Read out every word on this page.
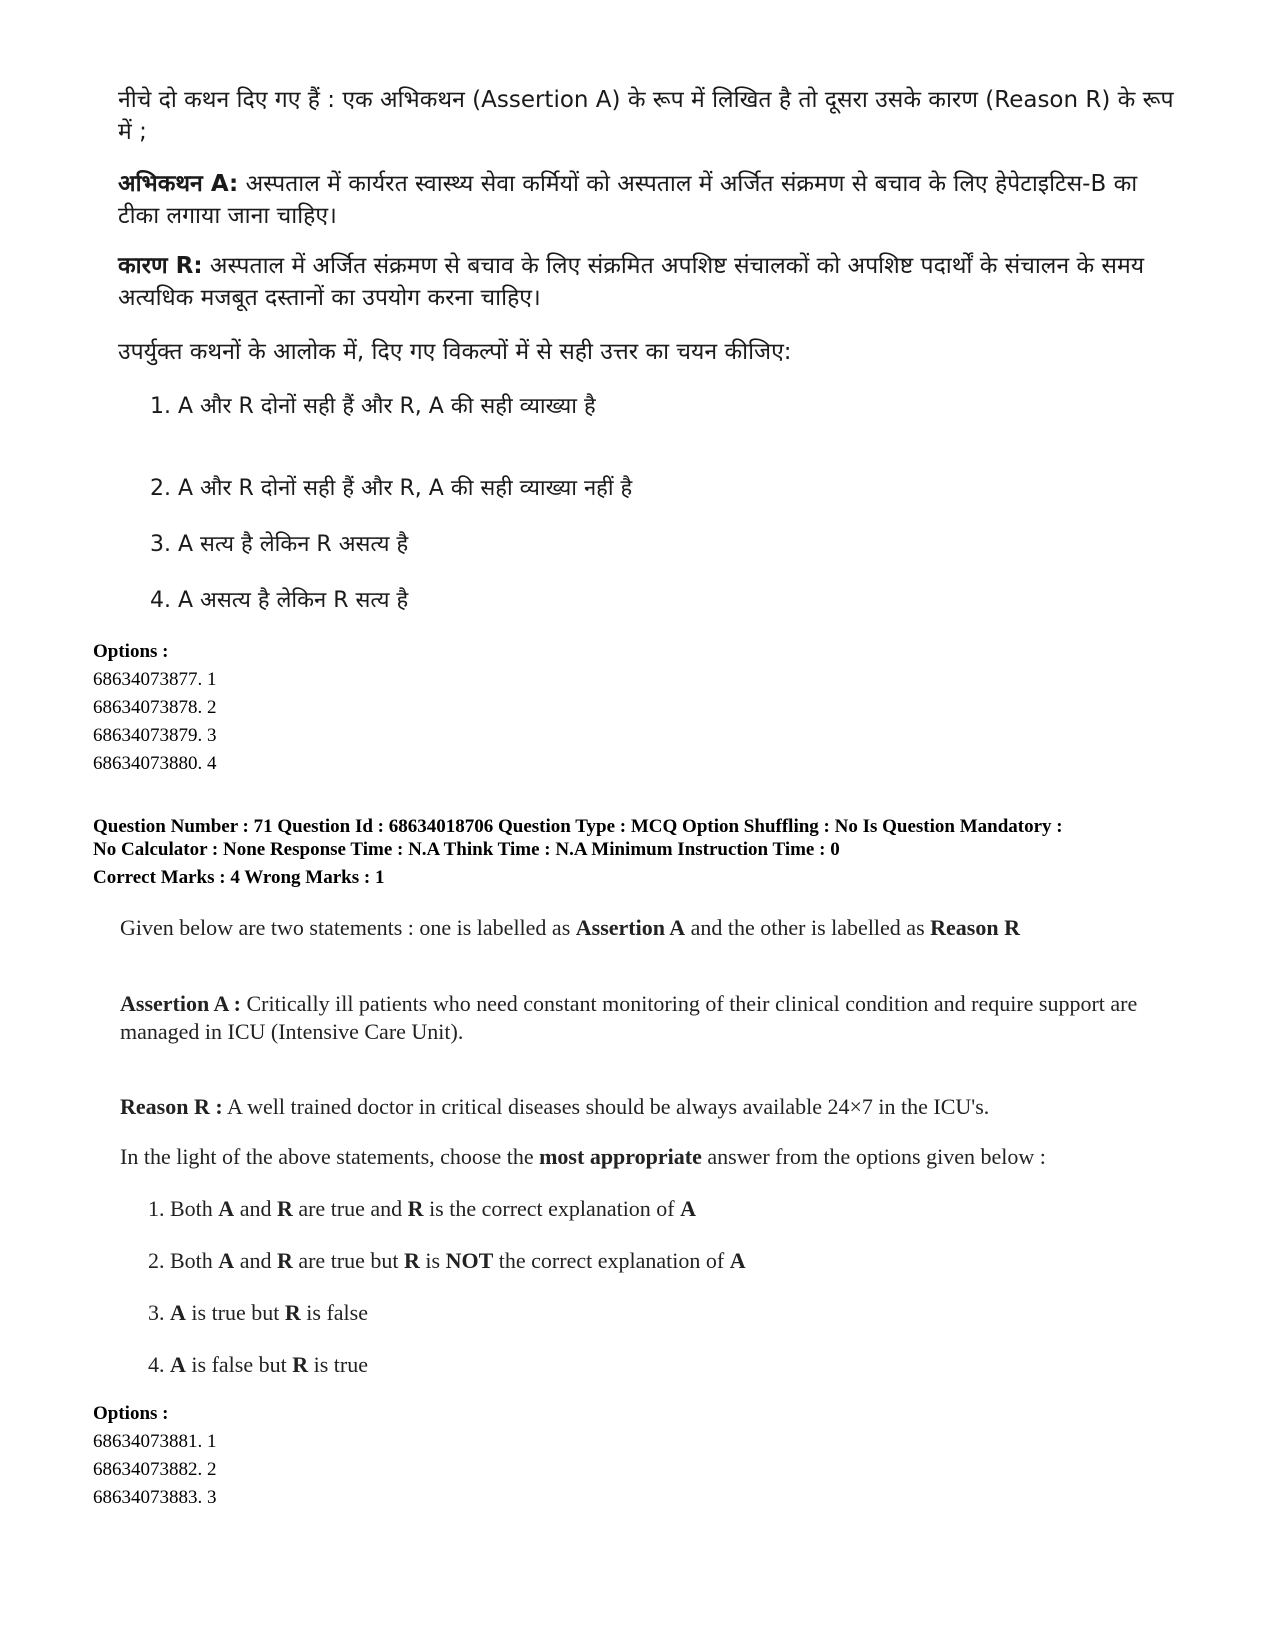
नीचे दो कथन दिए गए हैं : एक अभिकथन (Assertion A) के रूप में लिखित है तो दूसरा उसके कारण (Reason R) के रूप में ;
अभिकथन A: अस्पताल में कार्यरत स्वास्थ्य सेवा कर्मियों को अस्पताल में अर्जित संक्रमण से बचाव के लिए हेपेटाइटिस-B का टीका लगाया जाना चाहिए।
कारण R: अस्पताल में अर्जित संक्रमण से बचाव के लिए संक्रमित अपशिष्ट संचालकों को अपशिष्ट पदार्थों के संचालन के समय अत्यधिक मजबूत दस्तानों का उपयोग करना चाहिए।
उपर्युक्त कथनों के आलोक में, दिए गए विकल्पों में से सही उत्तर का चयन कीजिए:
1. A और R दोनों सही हैं और R, A की सही व्याख्या है
2. A और R दोनों सही हैं और R, A की सही व्याख्या नहीं है
3. A सत्य है लेकिन R असत्य है
4. A असत्य है लेकिन R सत्य है
Options :
68634073877. 1
68634073878. 2
68634073879. 3
68634073880. 4
Question Number : 71 Question Id : 68634018706 Question Type : MCQ Option Shuffling : No Is Question Mandatory :
No Calculator : None Response Time : N.A Think Time : N.A Minimum Instruction Time : 0
Correct Marks : 4 Wrong Marks : 1
Given below are two statements : one is labelled as Assertion A and the other is labelled as Reason R
Assertion A : Critically ill patients who need constant monitoring of their clinical condition and require support are managed in ICU (Intensive Care Unit).
Reason R : A well trained doctor in critical diseases should be always available 24×7 in the ICU's.
In the light of the above statements, choose the most appropriate answer from the options given below :
1. Both A and R are true and R is the correct explanation of A
2. Both A and R are true but R is NOT the correct explanation of A
3. A is true but R is false
4. A is false but R is true
Options :
68634073881. 1
68634073882. 2
68634073883. 3
